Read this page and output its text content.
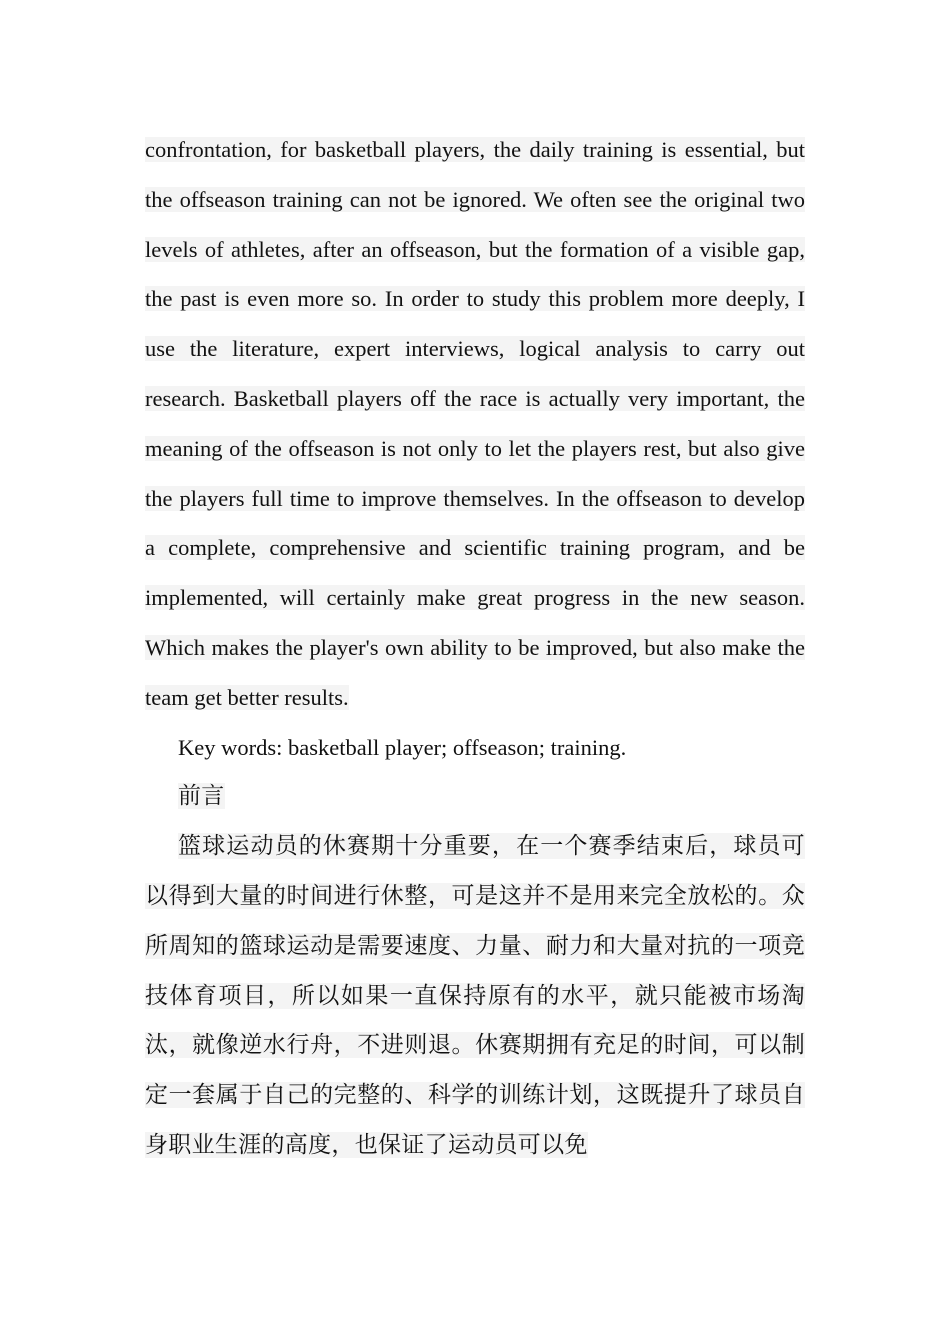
confrontation, for basketball players, the daily training is essential, but the offseason training can not be ignored. We often see the original two levels of athletes, after an offseason, but the formation of a visible gap, the past is even more so. In order to study this problem more deeply, I use the literature, expert interviews, logical analysis to carry out research. Basketball players off the race is actually very important, the meaning of the offseason is not only to let the players rest, but also give the players full time to improve themselves. In the offseason to develop a complete, comprehensive and scientific training program, and be implemented, will certainly make great progress in the new season. Which makes the player's own ability to be improved, but also make the team get better results.

Key words: basketball player; offseason; training.

前言

篮球运动员的休赛期十分重要，在一个赛季结束后，球员可以得到大量的时间进行休整，可是这并不是用来完全放松的。众所周知的篮球运动是需要速度、力量、耐力和大量对抗的一项竞技体育项目，所以如果一直保持原有的水平，就只能被市场淘汰，就像逆水行舟，不进则退。休赛期拥有充足的时间，可以制定一套属于自己的完整的、科学的训练计划，这既提升了球员自身职业生涯的高度，也保证了运动员可以免
